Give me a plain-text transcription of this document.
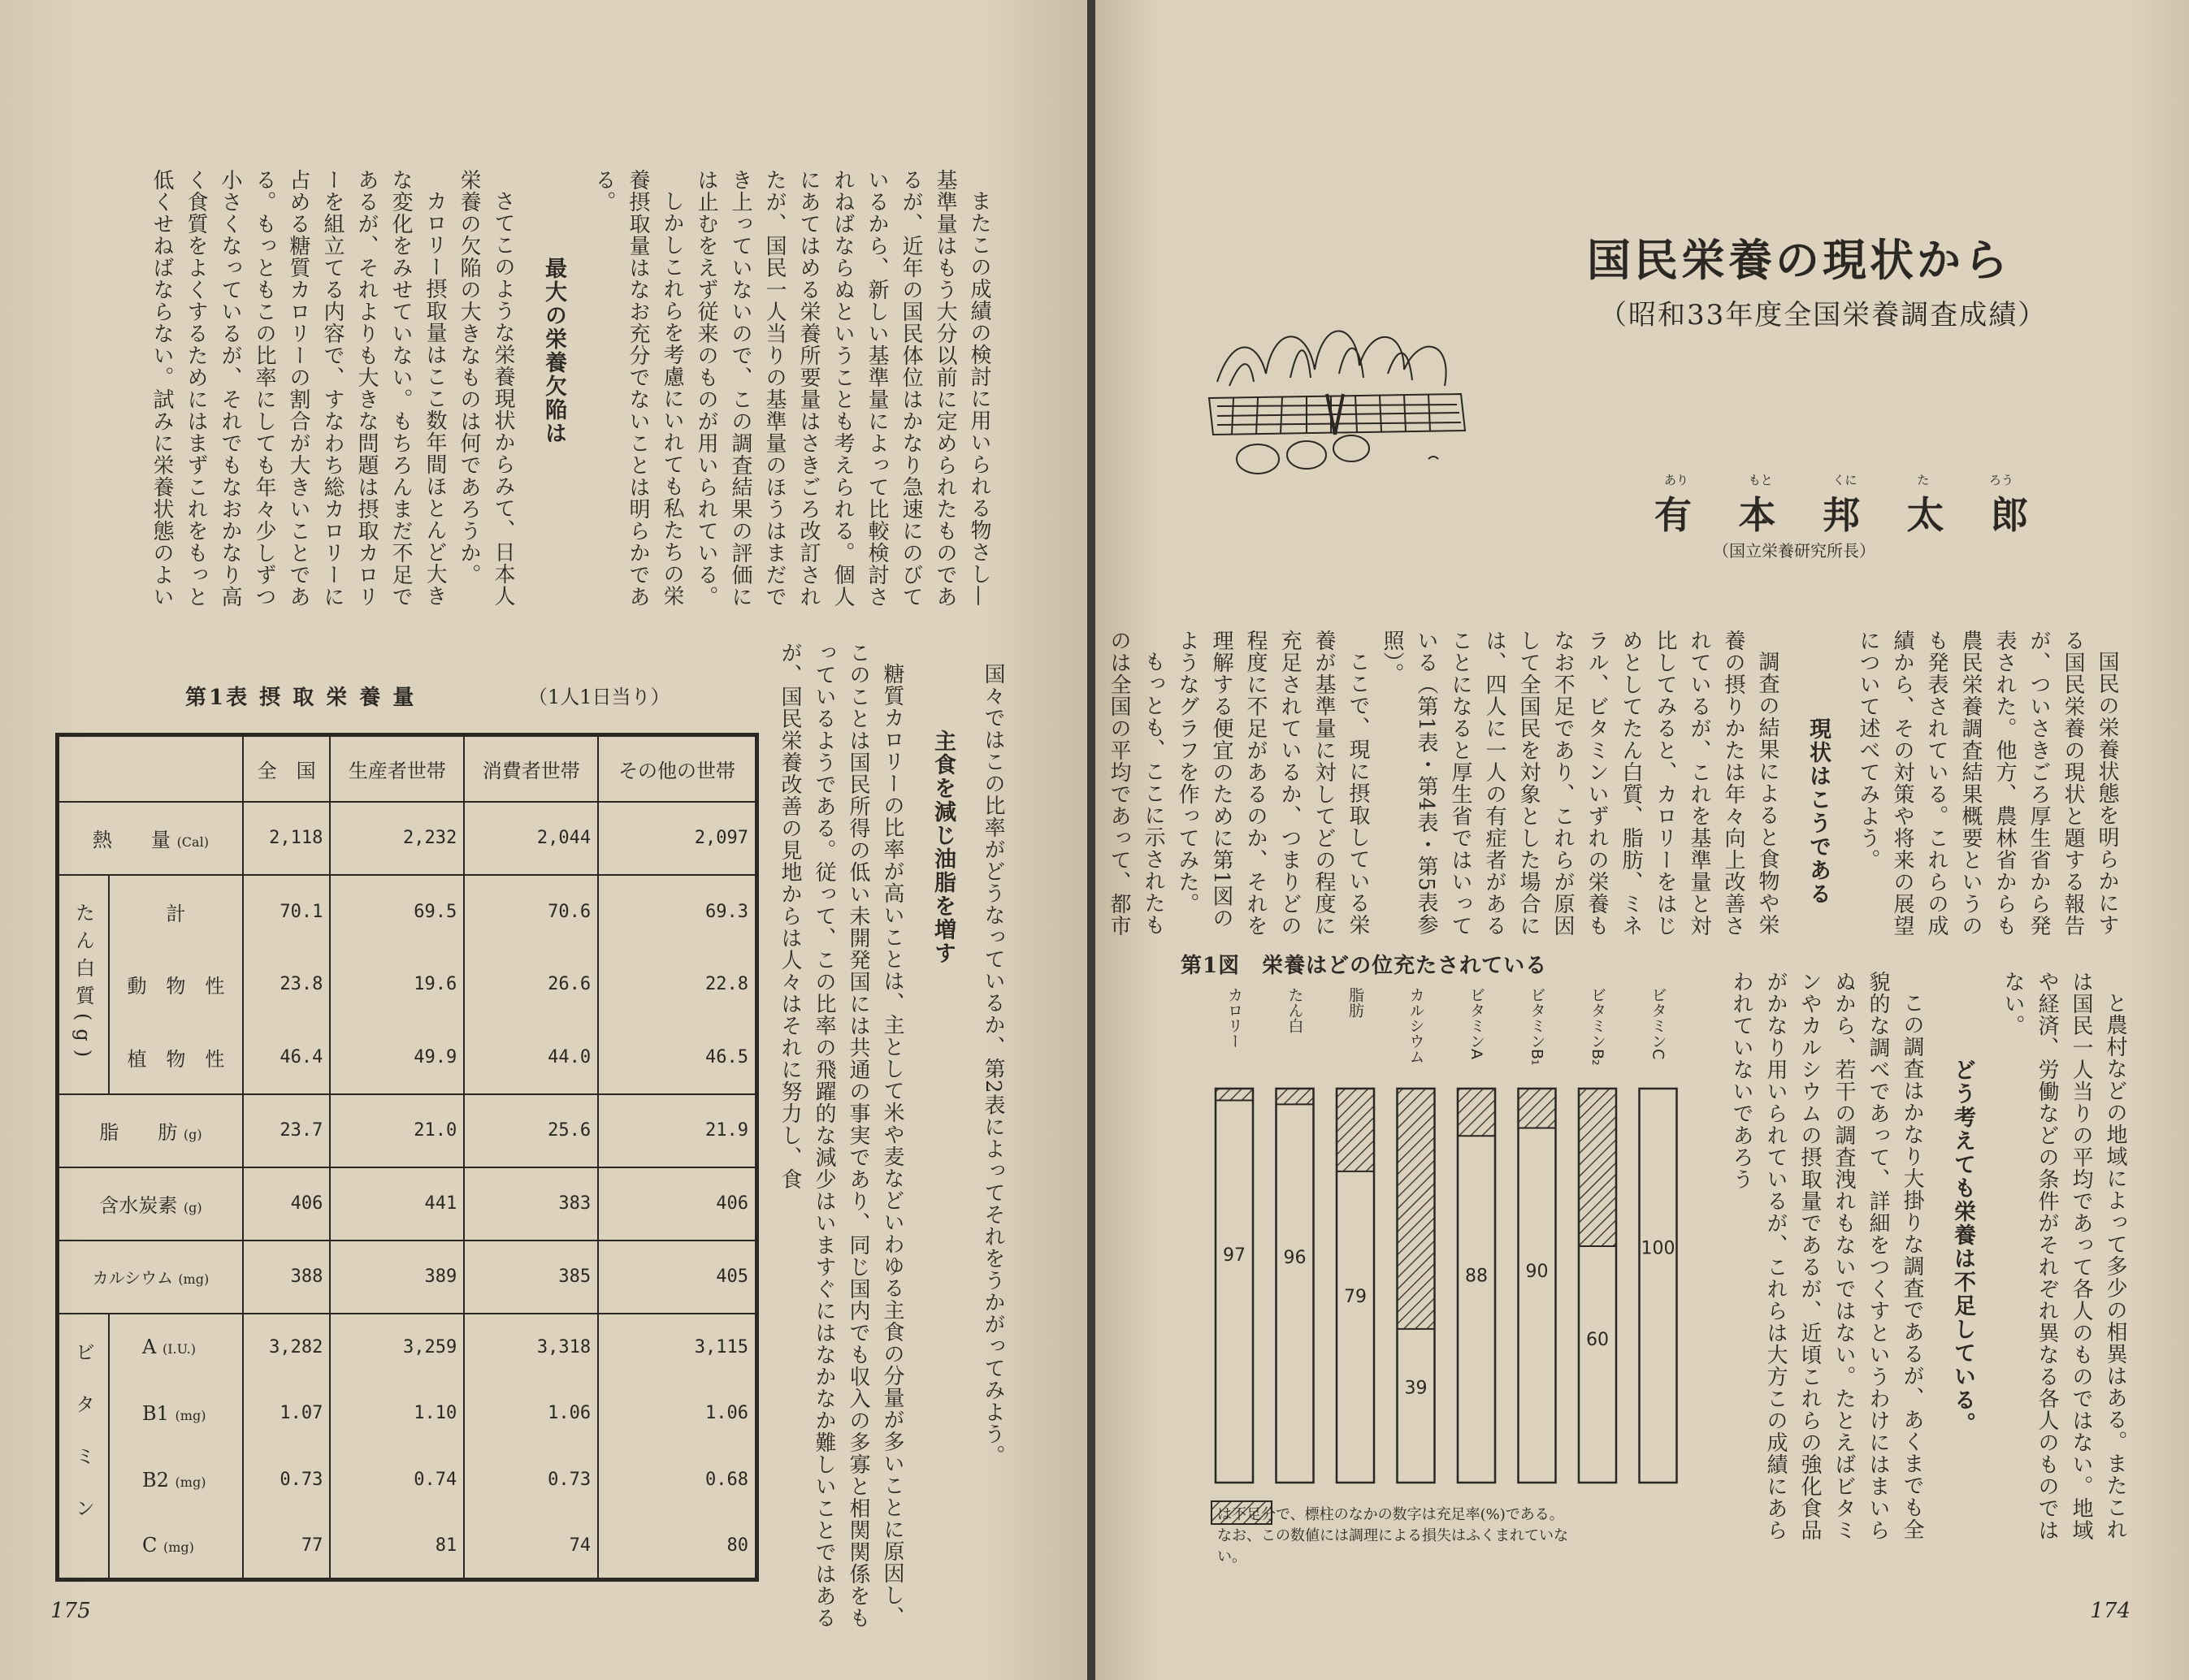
またこの成績の検討に用いられる物さし—基準量はもう大分以前に定められたものであるが、近年の国民体位はかなり急速にのびているから、新しい基準量によって比較検討されねばならぬということも考えられる。個人にあてはめる栄養所要量はさきごろ改訂されたが、国民一人当りの基準量のほうはまだでき上っていないので、この調査結果の評価には止むをえず従来のものが用いられている。

しかしこれらを考慮にいれても私たちの栄養摂取量はなお充分でないことは明らかである。

最大の栄養欠陥は

さてこのような栄養現状からみて、日本人栄養の欠陥の大きなものは何であろうか。

カロリー摂取量はここ数年間ほとんど大きな変化をみせていない。もちろんまだ不足であるが、それよりも大きな問題は摂取カロリーを組立てる内容で、すなわち総カロリーに占める糖質カロリーの割合が大きいことである。もっともこの比率にしても年々少しずつ小さくなっているが、それでもなおかなり高く食質をよくするためにはまずこれをもっと低くせねばならない。試みに栄養状態のよい

国々ではこの比率がどうなっているか、第2表によってそれをうかがってみよう。

主食を減じ油脂を増す

糖質カロリーの比率が高いことは、主として米や麦などいわゆる主食の分量が多いことに原因し、このことは国民所得の低い未開発国には共通の事実であり、同じ国内でも収入の多寡と相関関係をもっているようである。従って、この比率の飛躍的な減少はいますぐにはなかなか難しいことではあるが、国民栄養改善の見地からは人々はそれに努力し、食

第1表 摂 取 栄 養 量	（1人1日当り）
		全　国	生産者世帯	消費者世帯	その他の世帯
熱　　量 (Cal)		2,118	2,232	2,044	2,097
たん白質(g)	計	70.1	69.5	70.6	69.3
	動　物　性	23.8	19.6	26.6	22.8
	植　物　性	46.4	49.9	44.0	46.5
脂　　肪 (g)		23.7	21.0	25.6	21.9
含水炭素 (g)		406	441	383	406
カルシウム (mg)		388	389	385	405
ビタミン	A (I.U.)	3,282	3,259	3,318	3,115
	B1 (mg)	1.07	1.10	1.06	1.06
	B2 (mg)	0.73	0.74	0.73	0.68
	C (mg)	77	81	74	80
175
国民栄養の現状から
（昭和33年度全国栄養調査成績）
あり	もと	くに	た	ろう
有 本 邦 太 郎
（国立栄養研究所長）

国民の栄養状態を明らかにする国民栄養の現状と題する報告が、ついさきごろ厚生省から発表された。他方、農林省からも農民栄養調査結果概要というのも発表されている。これらの成績から、その対策や将来の展望について述べてみよう。

現状はこうである

調査の結果によると食物や栄養の摂りかたは年々向上改善されているが、これを基準量と対比してみると、カロリーをはじめとしてたん白質、脂肪、ミネラル、ビタミンいずれの栄養もなお不足であり、これらが原因して全国民を対象とした場合には、四人に一人の有症者があることになると厚生省ではいっている（第1表・第4表・第5表参照）。

ここで、現に摂取している栄養が基準量に対してどの程度に充足されているか、つまりどの程度に不足があるのか、それを理解する便宜のために第1図のようなグラフを作ってみた。

もっとも、ここに示されたものは全国の平均であって、都市

と農村などの地域によって多少の相異はある。またこれは国民一人当りの平均であって各人のものではない。地域や経済、労働などの条件がそれぞれ異なる各人のものではない。

どう考えても栄養は不足している。

この調査はかなり大掛りな調査であるが、あくまでも全貌的な調べであって、詳細をつくすというわけにはまいらぬから、若干の調査洩れもないではない。たとえばビタミンやカルシウムの摂取量であるが、近頃これらの強化食品がかなり用いられているが、これらは大方この成績にあらわれていないであろう

第1図　栄養はどの位充たされている
カロリー
97
たん白
96
脂肪
79
カルシウム
39
ビタミンA
88
ビタミンB₁
90
ビタミンB₂
60
ビタミンC
100
は不足分で、標柱のなかの数字は充足率(%)である。なお、この数値には調理による損失はふくまれていない。
174
